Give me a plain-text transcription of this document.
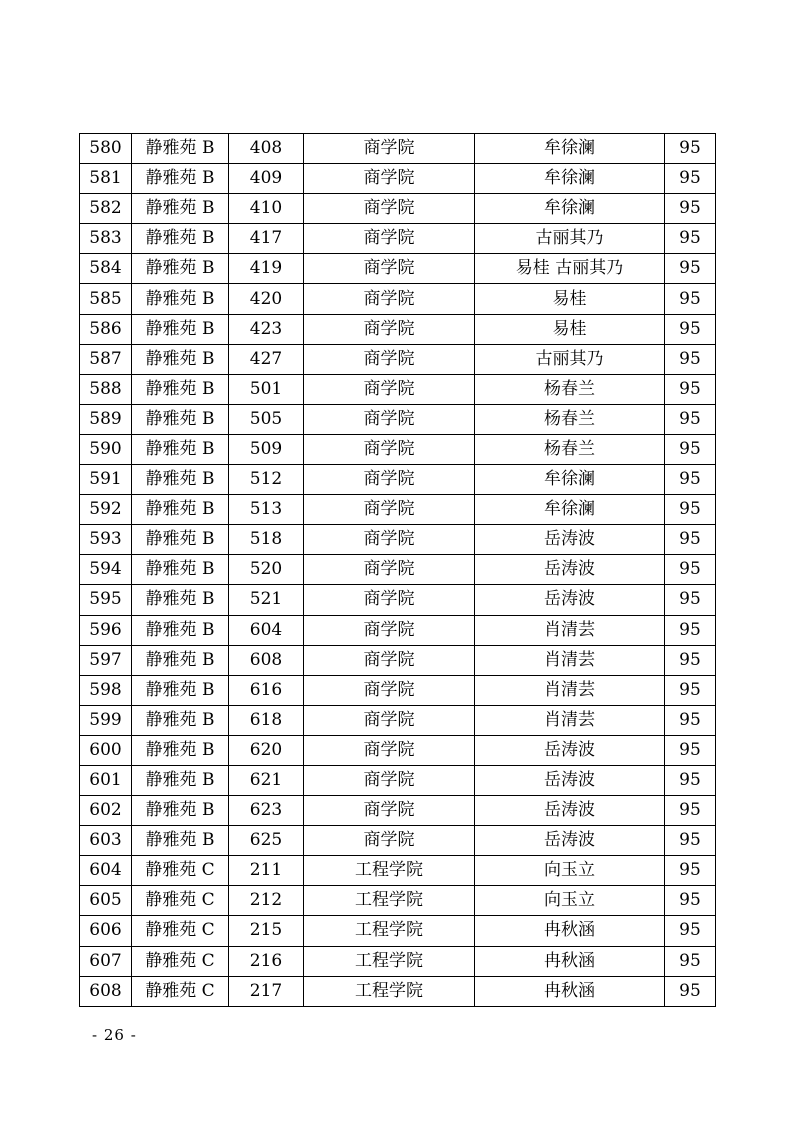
580	静雅苑 B	408	商学院	牟徐澜	95
581	静雅苑 B	409	商学院	牟徐澜	95
582	静雅苑 B	410	商学院	牟徐澜	95
583	静雅苑 B	417	商学院	古丽其乃	95
584	静雅苑 B	419	商学院	易桂 古丽其乃	95
585	静雅苑 B	420	商学院	易桂	95
586	静雅苑 B	423	商学院	易桂	95
587	静雅苑 B	427	商学院	古丽其乃	95
588	静雅苑 B	501	商学院	杨春兰	95
589	静雅苑 B	505	商学院	杨春兰	95
590	静雅苑 B	509	商学院	杨春兰	95
591	静雅苑 B	512	商学院	牟徐澜	95
592	静雅苑 B	513	商学院	牟徐澜	95
593	静雅苑 B	518	商学院	岳涛波	95
594	静雅苑 B	520	商学院	岳涛波	95
595	静雅苑 B	521	商学院	岳涛波	95
596	静雅苑 B	604	商学院	肖清芸	95
597	静雅苑 B	608	商学院	肖清芸	95
598	静雅苑 B	616	商学院	肖清芸	95
599	静雅苑 B	618	商学院	肖清芸	95
600	静雅苑 B	620	商学院	岳涛波	95
601	静雅苑 B	621	商学院	岳涛波	95
602	静雅苑 B	623	商学院	岳涛波	95
603	静雅苑 B	625	商学院	岳涛波	95
604	静雅苑 C	211	工程学院	向玉立	95
605	静雅苑 C	212	工程学院	向玉立	95
606	静雅苑 C	215	工程学院	冉秋涵	95
607	静雅苑 C	216	工程学院	冉秋涵	95
608	静雅苑 C	217	工程学院	冉秋涵	95
- 26 -
